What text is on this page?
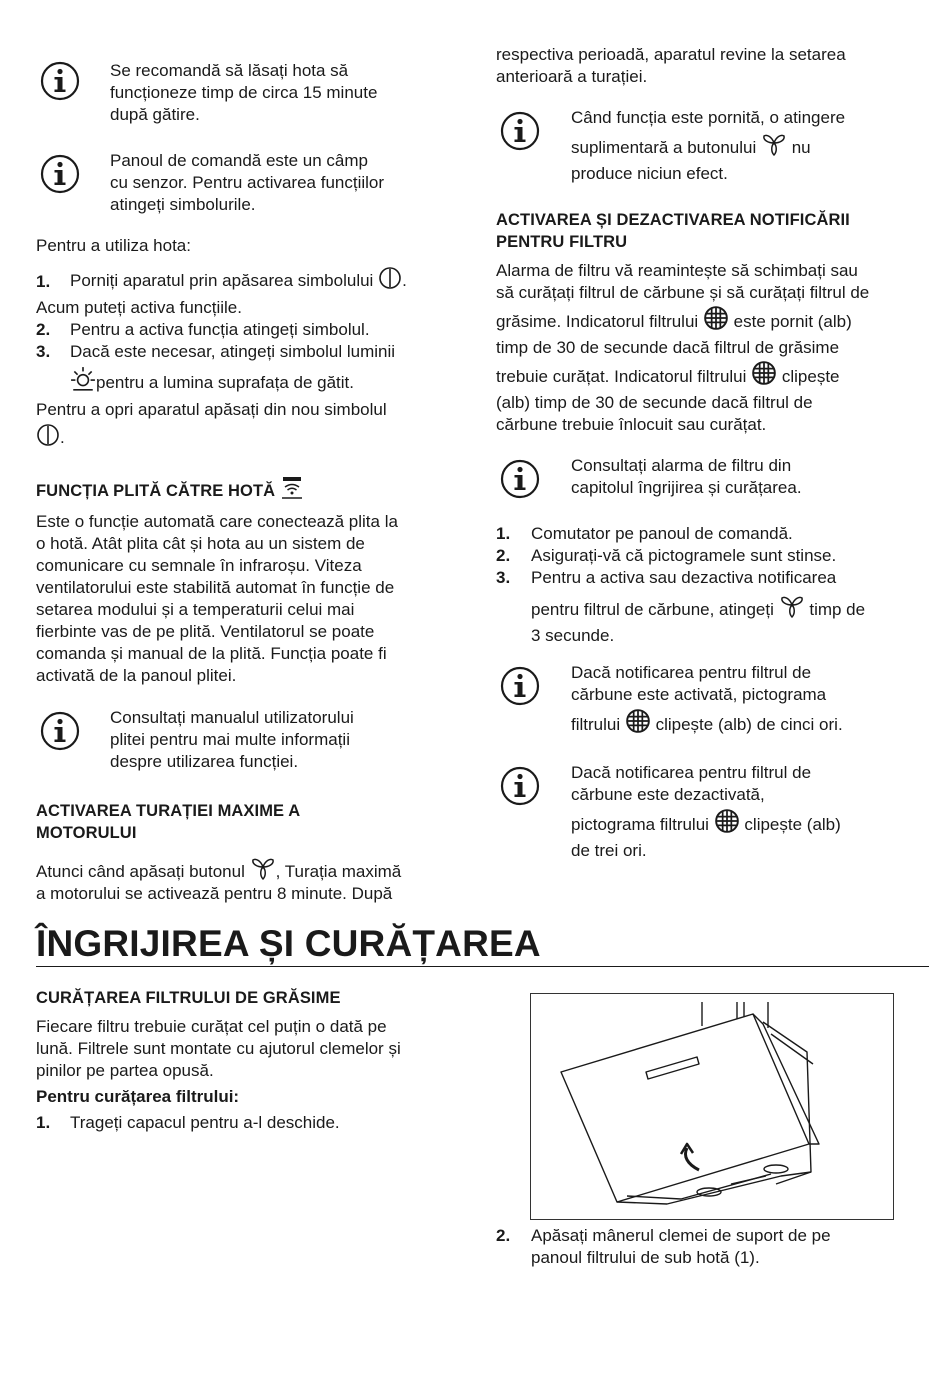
Se recomandă să lăsați hota să
funcționeze timp de circa 15 minute
după gătire.
Panoul de comandă este un câmp
cu senzor. Pentru activarea funcțiilor
atingeți simbolurile.
Pentru a utiliza hota:
1. Porniți aparatul prin apăsarea simbolului .
Acum puteți activa funcțiile.
2. Pentru a activa funcția atingeți simbolul.
3. Dacă este necesar, atingeți simbolul luminii
pentru a lumina suprafața de gătit.
Pentru a opri aparatul apăsați din nou simbolul
.
FUNCȚIA PLITĂ CĂTRE HOTĂ
Este o funcție automată care conectează plita la
o hotă. Atât plita cât și hota au un sistem de
comunicare cu semnale în infraroșu. Viteza
ventilatorului este stabilită automat în funcție de
setarea modului și a temperaturii celui mai
fierbinte vas de pe plită. Ventilatorul se poate
comanda și manual de la plită. Funcția poate fi
activată de la panoul plitei.
Consultați manualul utilizatorului
plitei pentru mai multe informații
despre utilizarea funcției.
ACTIVAREA TURAȚIEI MAXIME A
MOTORULUI
Atunci când apăsați butonul , Turația maximă
a motorului se activează pentru 8 minute. După
respectiva perioadă, aparatul revine la setarea
anterioară a turației.
Când funcția este pornită, o atingere
suplimentară a butonului nu
produce niciun efect.
ACTIVAREA ȘI DEZACTIVAREA NOTIFICĂRII
PENTRU FILTRU
Alarma de filtru vă reamintește să schimbați sau
să curățați filtrul de cărbune și să curățați filtrul de
grăsime. Indicatorul filtrului este pornit (alb)
timp de 30 de secunde dacă filtrul de grăsime
trebuie curățat. Indicatorul filtrului clipește
(alb) timp de 30 de secunde dacă filtrul de
cărbune trebuie înlocuit sau curățat.
Consultați alarma de filtru din
capitolul îngrijirea și curățarea.
1. Comutator pe panoul de comandă.
2. Asigurați-vă că pictogramele sunt stinse.
3. Pentru a activa sau dezactiva notificarea
pentru filtrul de cărbune, atingeți timp de
3 secunde.
Dacă notificarea pentru filtrul de
cărbune este activată, pictograma
filtrului clipește (alb) de cinci ori.
Dacă notificarea pentru filtrul de
cărbune este dezactivată,
pictograma filtrului clipește (alb)
de trei ori.
ÎNGRIJIREA ȘI CURĂȚAREA
CURĂȚAREA FILTRULUI DE GRĂSIME
Fiecare filtru trebuie curățat cel puțin o dată pe
lună. Filtrele sunt montate cu ajutorul clemelor și
pinilor pe partea opusă.
Pentru curățarea filtrului:
1. Trageți capacul pentru a-l deschide.
2. Apăsați mânerul clemei de suport de pe
panoul filtrului de sub hotă (1).
